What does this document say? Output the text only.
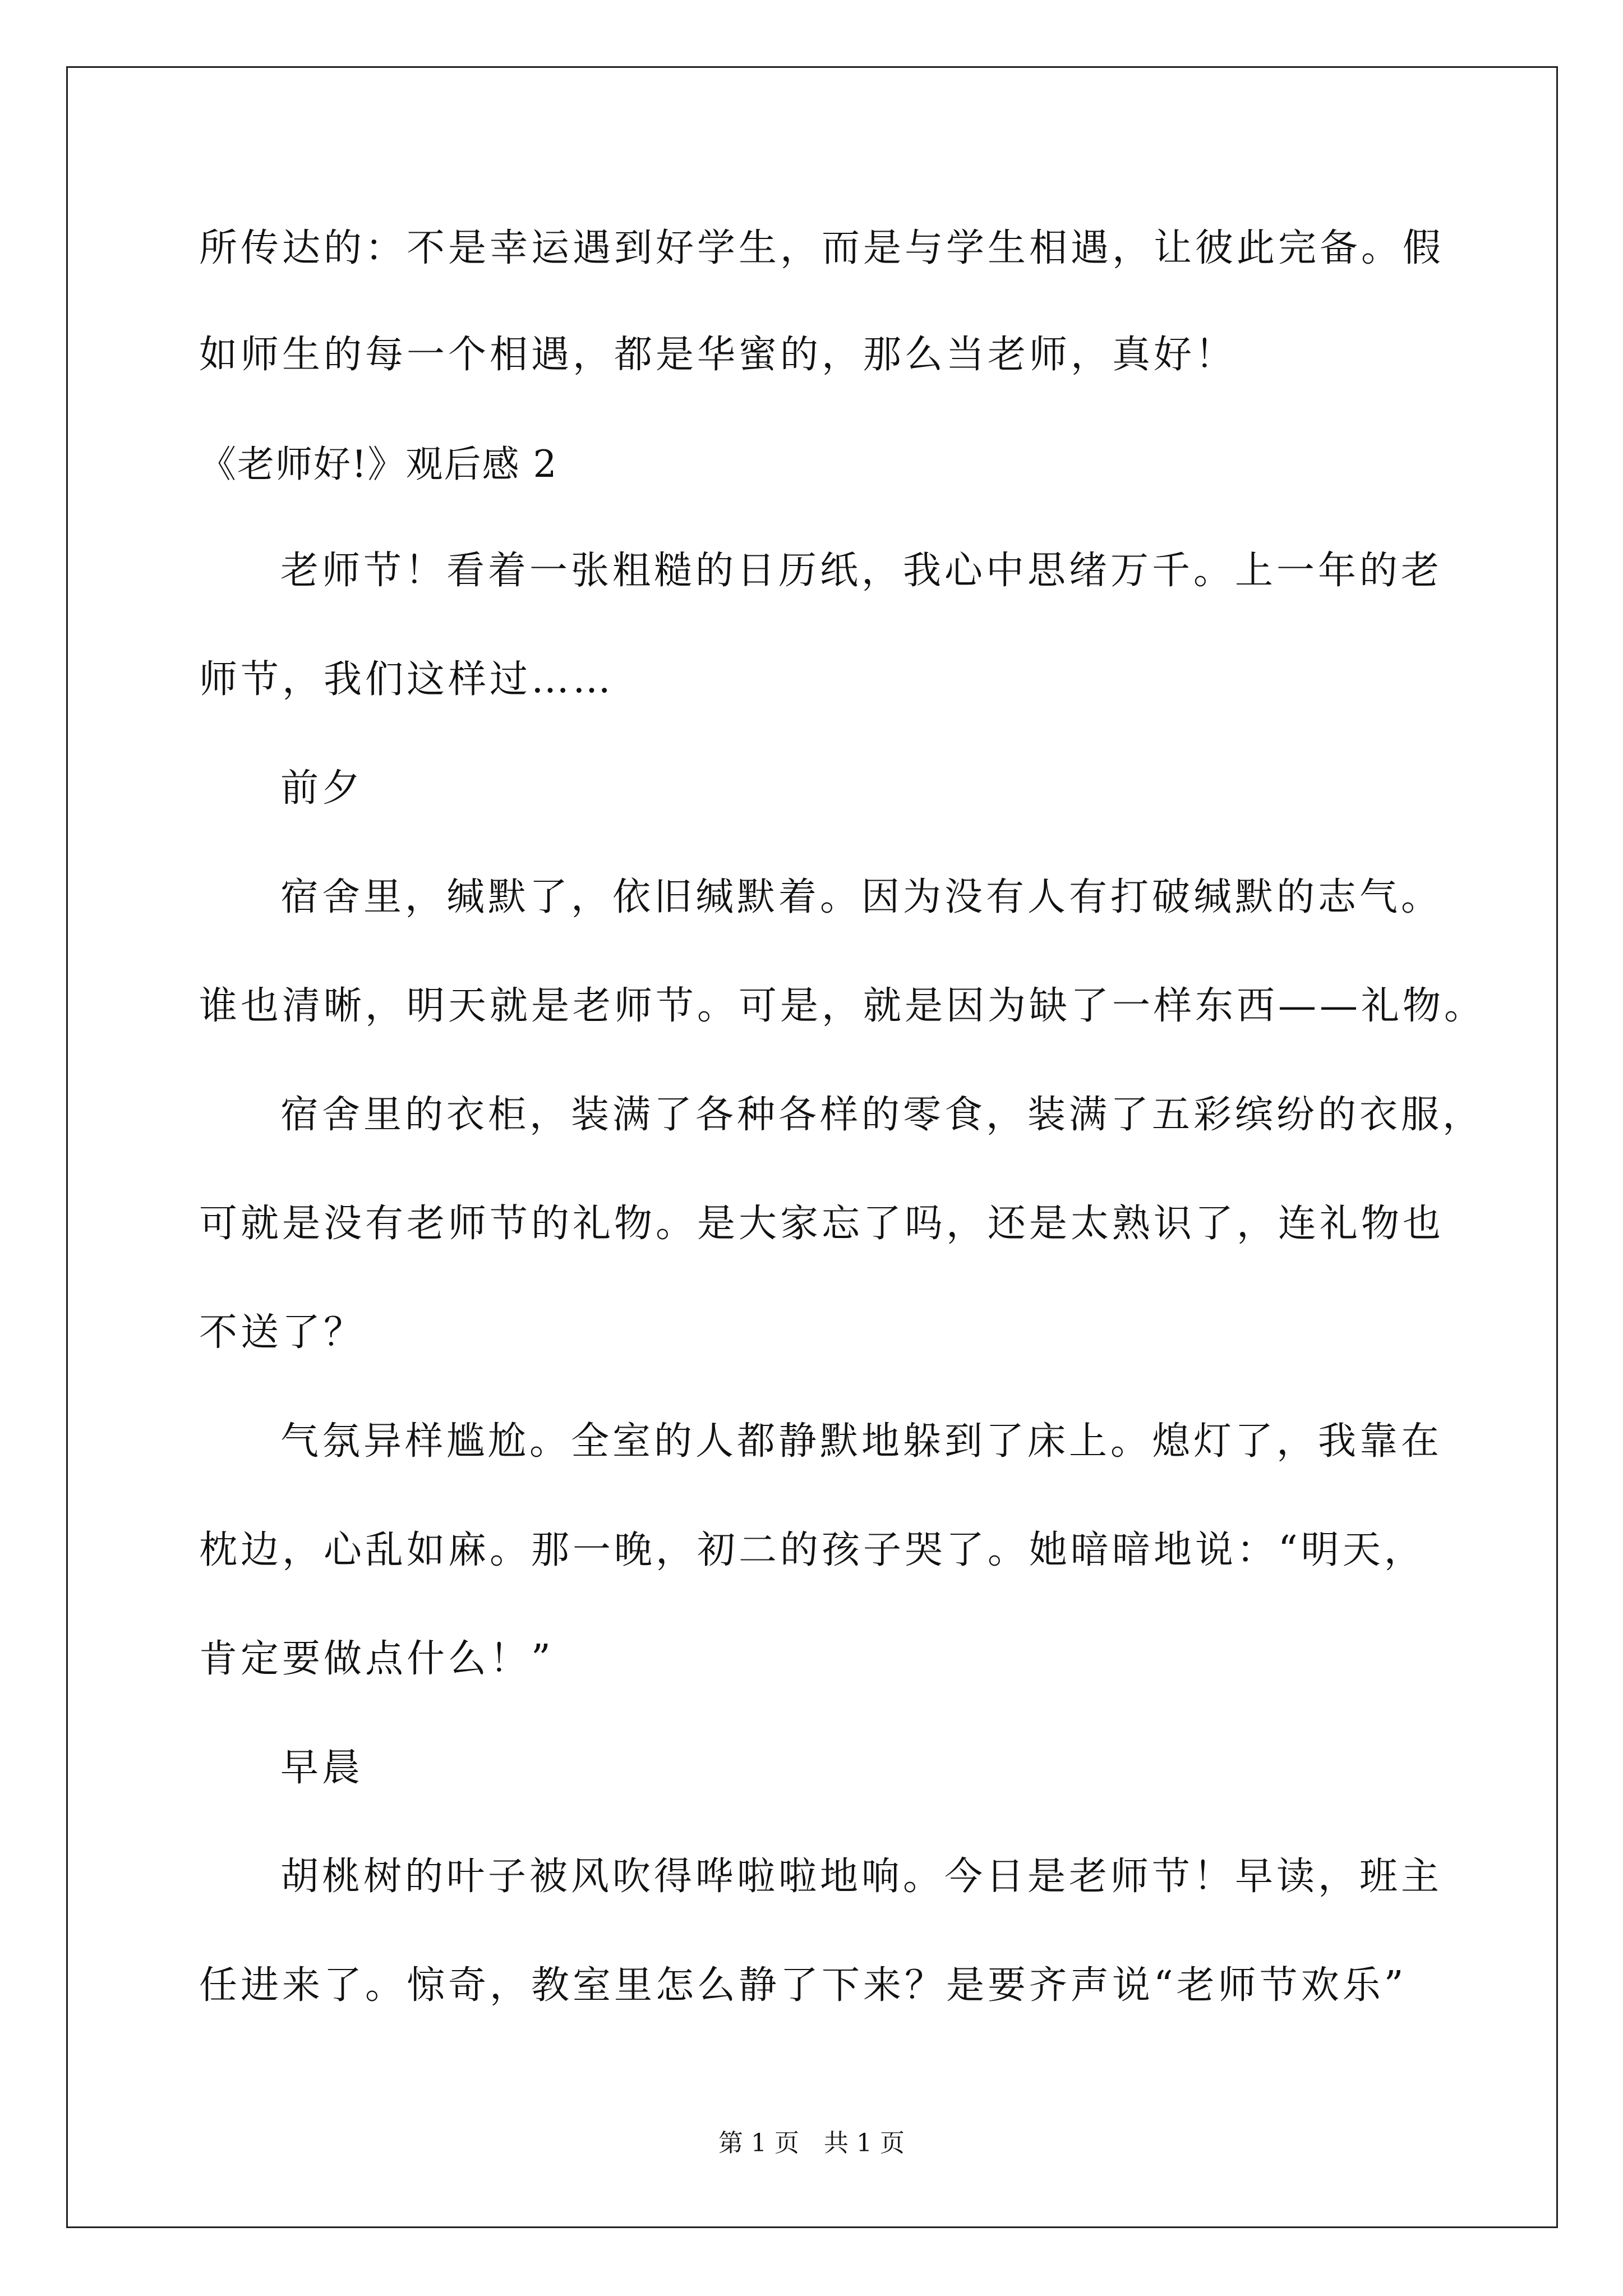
所传达的：不是幸运遇到好学生，而是与学生相遇，让彼此完备。假
如师生的每一个相遇，都是华蜜的，那么当老师，真好！
《老师好!》观后感 2
老师节！看着一张粗糙的日历纸，我心中思绪万千。上一年的老
师节，我们这样过……
前夕
宿舍里，缄默了，依旧缄默着。因为没有人有打破缄默的志气。
谁也清晰，明天就是老师节。可是，就是因为缺了一样东西——礼物。
宿舍里的衣柜，装满了各种各样的零食，装满了五彩缤纷的衣服，
可就是没有老师节的礼物。是大家忘了吗，还是太熟识了，连礼物也
不送了？
气氛异样尴尬。全室的人都静默地躲到了床上。熄灯了，我靠在
枕边，心乱如麻。那一晚，初二的孩子哭了。她暗暗地说：“明天，
肯定要做点什么！”
早晨
胡桃树的叶子被风吹得哗啦啦地响。今日是老师节！早读，班主
任进来了。惊奇，教室里怎么静了下来？是要齐声说“老师节欢乐”
第 1 页　共 1 页
